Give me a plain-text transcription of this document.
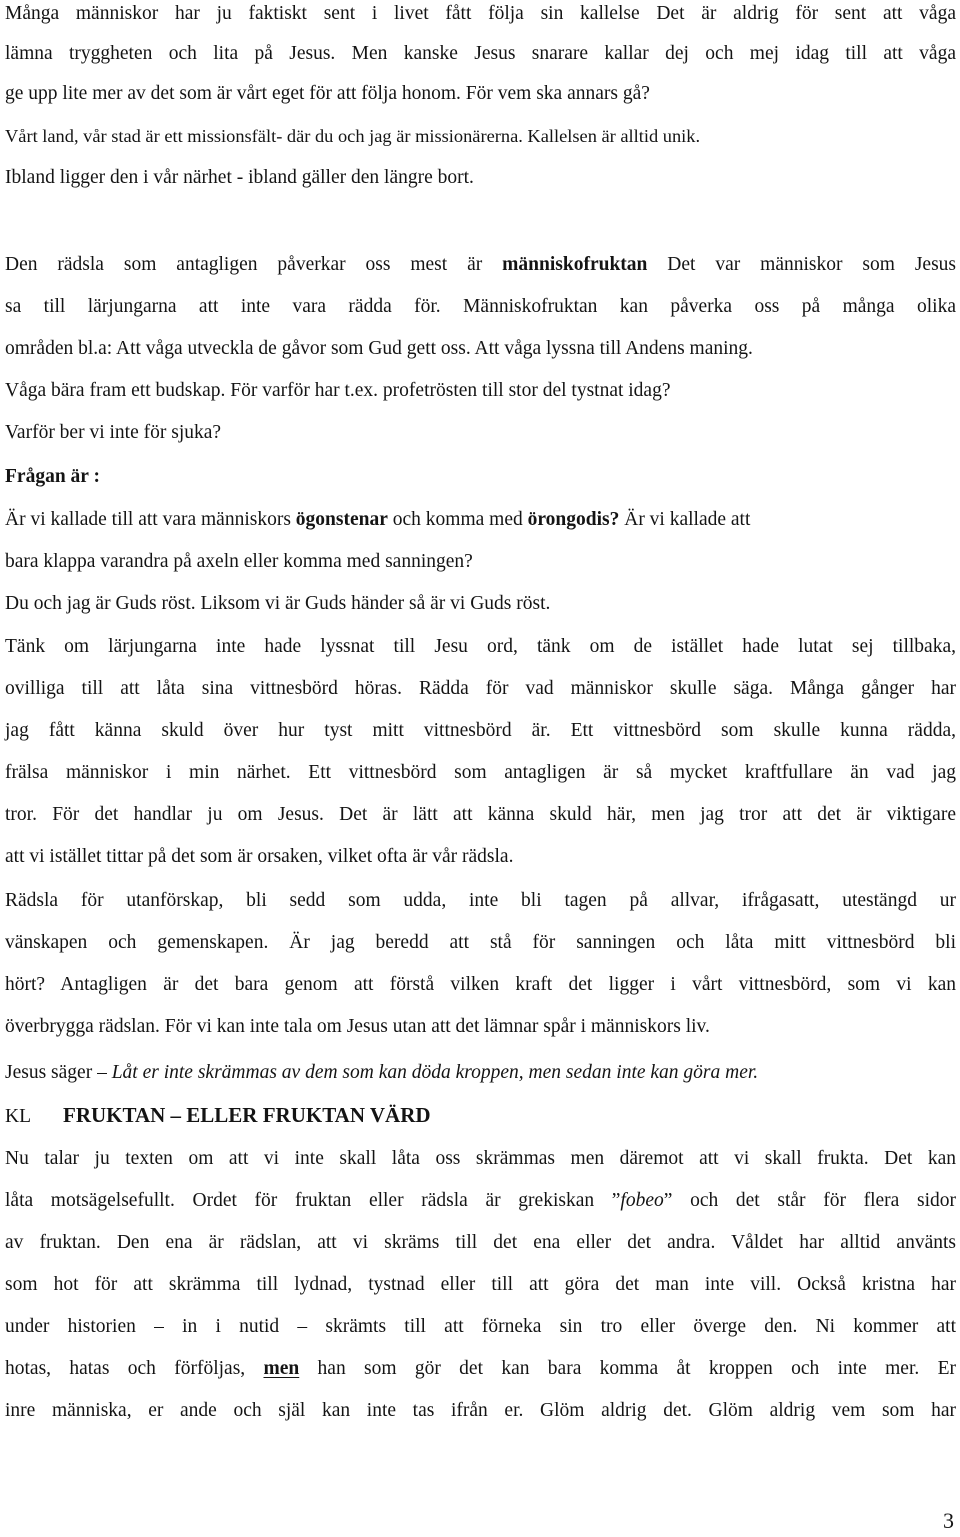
Många människor har ju faktiskt sent i livet fått följa sin kallelse Det är aldrig för sent att våga
lämna tryggheten och lita på Jesus. Men kanske Jesus snarare kallar dej och mej idag till att våga
ge upp lite mer av det som är vårt eget för att följa honom. För vem ska annars gå?
Vårt land, vår stad är ett missionsfält- där du och jag är missionärerna. Kallelsen är alltid unik.
Ibland ligger den i vår närhet - ibland gäller den längre bort.
Den rädsla som antagligen påverkar oss mest är människofruktan Det var människor som Jesus
sa till lärjungarna att inte vara rädda för. Människofruktan kan påverka oss på många olika
områden bl.a: Att våga utveckla de gåvor som Gud gett oss. Att våga lyssna till Andens maning.
Våga bära fram ett budskap. För varför har t.ex. profetrösten till stor del tystnat idag?
Varför ber vi inte för sjuka?
Frågan är :
Är vi kallade till att vara människors ögonstenar och komma med örongodis? Är vi kallade att
bara klappa varandra på axeln eller komma med sanningen?
Du och jag är Guds röst. Liksom vi är Guds händer så är vi Guds röst.
Tänk om lärjungarna inte hade lyssnat till Jesu ord, tänk om de istället hade lutat sej tillbaka,
ovilliga till att låta sina vittnesbörd höras. Rädda för vad människor skulle säga. Många gånger har
jag fått känna skuld över hur tyst mitt vittnesbörd är. Ett vittnesbörd som skulle kunna rädda,
frälsa människor i min närhet. Ett vittnesbörd som antagligen är så mycket kraftfullare än vad jag
tror. För det handlar ju om Jesus. Det är lätt att känna skuld här, men jag tror att det är viktigare
att vi istället tittar på det som är orsaken, vilket ofta är vår rädsla.
Rädsla för utanförskap, bli sedd som udda, inte bli tagen på allvar, ifrågasatt, utestängd ur
vänskapen och gemenskapen. Är jag beredd att stå för sanningen och låta mitt vittnesbörd bli
hört? Antagligen är det bara genom att förstå vilken kraft det ligger i vårt vittnesbörd, som vi kan
överbrygga rädslan. För vi kan inte tala om Jesus utan att det lämnar spår i människors liv.
Jesus säger – Låt er inte skrämmas av dem som kan döda kroppen, men sedan inte kan göra mer.
KL FRUKTAN – ELLER FRUKTAN VÄRD
Nu talar ju texten om att vi inte skall låta oss skrämmas men däremot att vi skall frukta. Det kan
låta motsägelsefullt. Ordet för fruktan eller rädsla är grekiskan ”fobeo” och det står för flera sidor
av fruktan. Den ena är rädslan, att vi skräms till det ena eller det andra. Våldet har alltid använts
som hot för att skrämma till lydnad, tystnad eller till att göra det man inte vill. Också kristna har
under historien – in i nutid – skrämts till att förneka sin tro eller överge den. Ni kommer att
hotas, hatas och förföljas, men han som gör det kan bara komma åt kroppen och inte mer. Er
inre människa, er ande och själ kan inte tas ifrån er. Glöm aldrig det. Glöm aldrig vem som har
3
